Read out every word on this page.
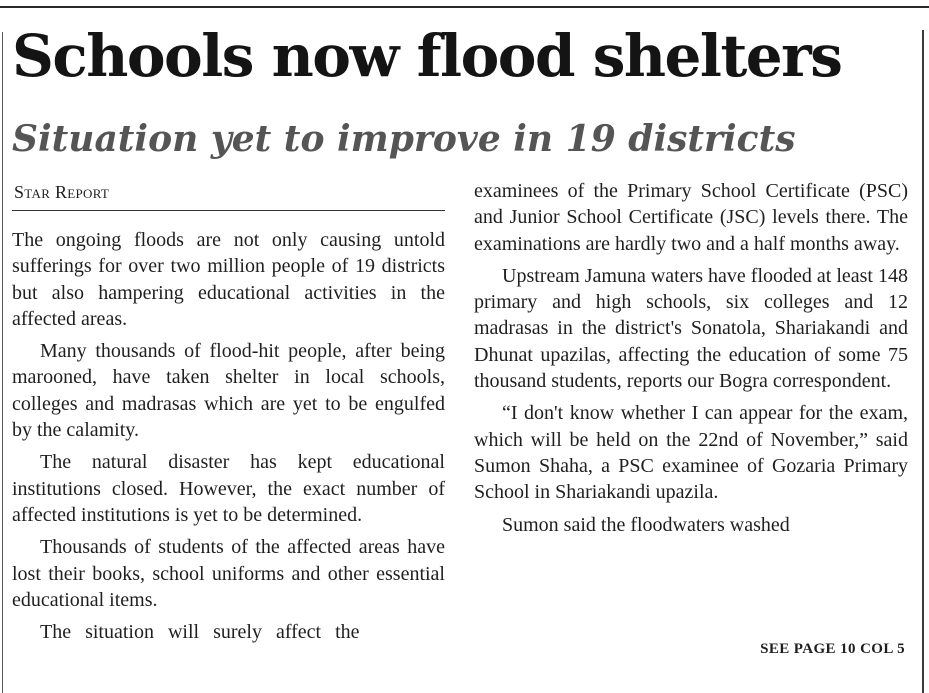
Schools now flood shelters
Situation yet to improve in 19 districts
Star Report

The ongoing floods are not only causing untold sufferings for over two million people of 19 districts but also hampering educational activities in the affected areas.

Many thousands of flood-hit people, after being marooned, have taken shelter in local schools, colleges and madrasas which are yet to be engulfed by the calamity.

The natural disaster has kept educational institutions closed. However, the exact number of affected institutions is yet to be determined.

Thousands of students of the affected areas have lost their books, school uniforms and other essential educational items.

The situation will surely affect the

examinees of the Primary School Certificate (PSC) and Junior School Certificate (JSC) levels there. The examinations are hardly two and a half months away.

Upstream Jamuna waters have flooded at least 148 primary and high schools, six colleges and 12 madrasas in the district's Sonatola, Shariakandi and Dhunat upazilas, affecting the education of some 75 thousand students, reports our Bogra correspondent.

“I don't know whether I can appear for the exam, which will be held on the 22nd of November,” said Sumon Shaha, a PSC examinee of Gozaria Primary School in Shariakandi upazila.

Sumon said the floodwaters washed

SEE PAGE 10 COL 5
